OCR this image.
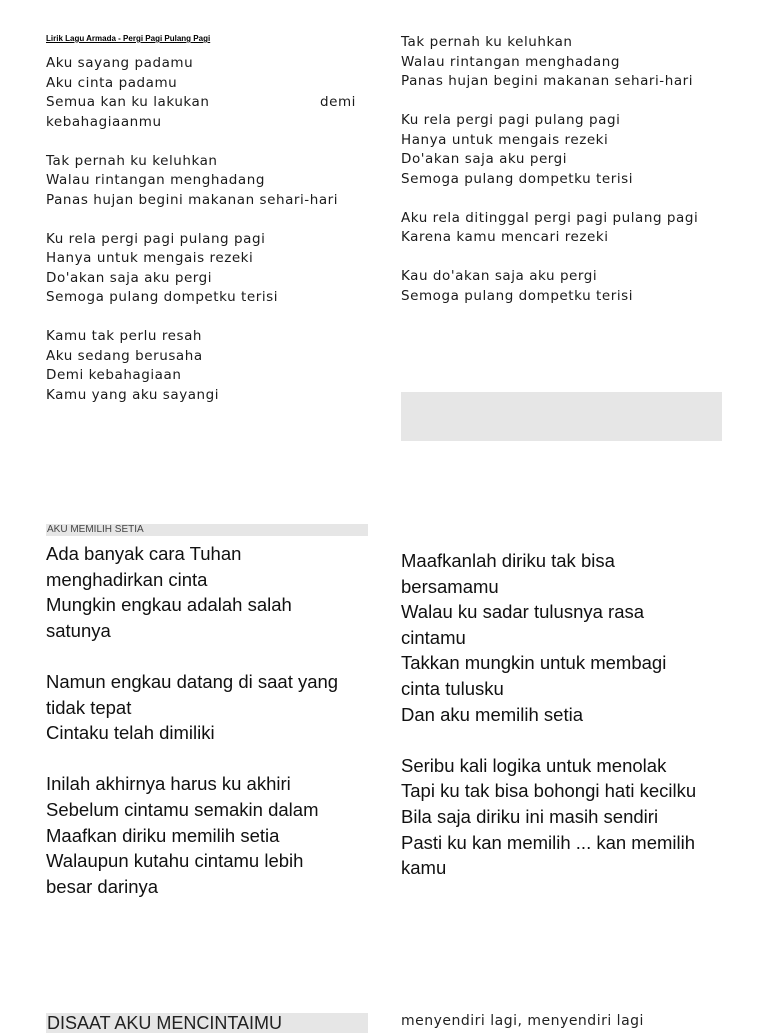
Lirik Lagu Armada - Pergi Pagi Pulang Pagi
Aku sayang padamu
Aku cinta padamu
Semua kan ku lakukan
kebahagiaanmu
Tak pernah ku keluhkan
Walau rintangan menghadang
Panas hujan begini makanan sehari-hari
Ku rela pergi pagi pulang pagi
Hanya untuk mengais rezeki
Do'akan saja aku pergi
Semoga pulang dompetku terisi
Kamu tak perlu resah
Aku sedang berusaha
Demi kebahagiaan
Kamu yang aku sayangi
demi
Tak pernah ku keluhkan
Walau rintangan menghadang
Panas hujan begini makanan sehari-hari
Ku rela pergi pagi pulang pagi
Hanya untuk mengais rezeki
Do'akan saja aku pergi
Semoga pulang dompetku terisi
Aku rela ditinggal pergi pagi pulang pagi
Karena kamu mencari rezeki
Kau do'akan saja aku pergi
Semoga pulang dompetku terisi
AKU MEMILIH SETIA
Ada banyak cara Tuhan
menghadirkan cinta
Mungkin engkau adalah salah
satunya
Namun engkau datang di saat yang
tidak tepat
Cintaku telah dimiliki
Inilah akhirnya harus ku akhiri
Sebelum cintamu semakin dalam
Maafkan diriku memilih setia
Walaupun kutahu cintamu lebih
besar darinya
Maafkanlah diriku tak bisa
bersamamu
Walau ku sadar tulusnya rasa
cintamu
Takkan mungkin untuk membagi
cinta tulusku
Dan aku memilih setia
Seribu kali logika untuk menolak
Tapi ku tak bisa bohongi hati kecilku
Bila saja diriku ini masih sendiri
Pasti ku kan memilih ... kan memilih
kamu
DISAAT AKU MENCINTAIMU	menyendiri lagi, menyendiri lagi
